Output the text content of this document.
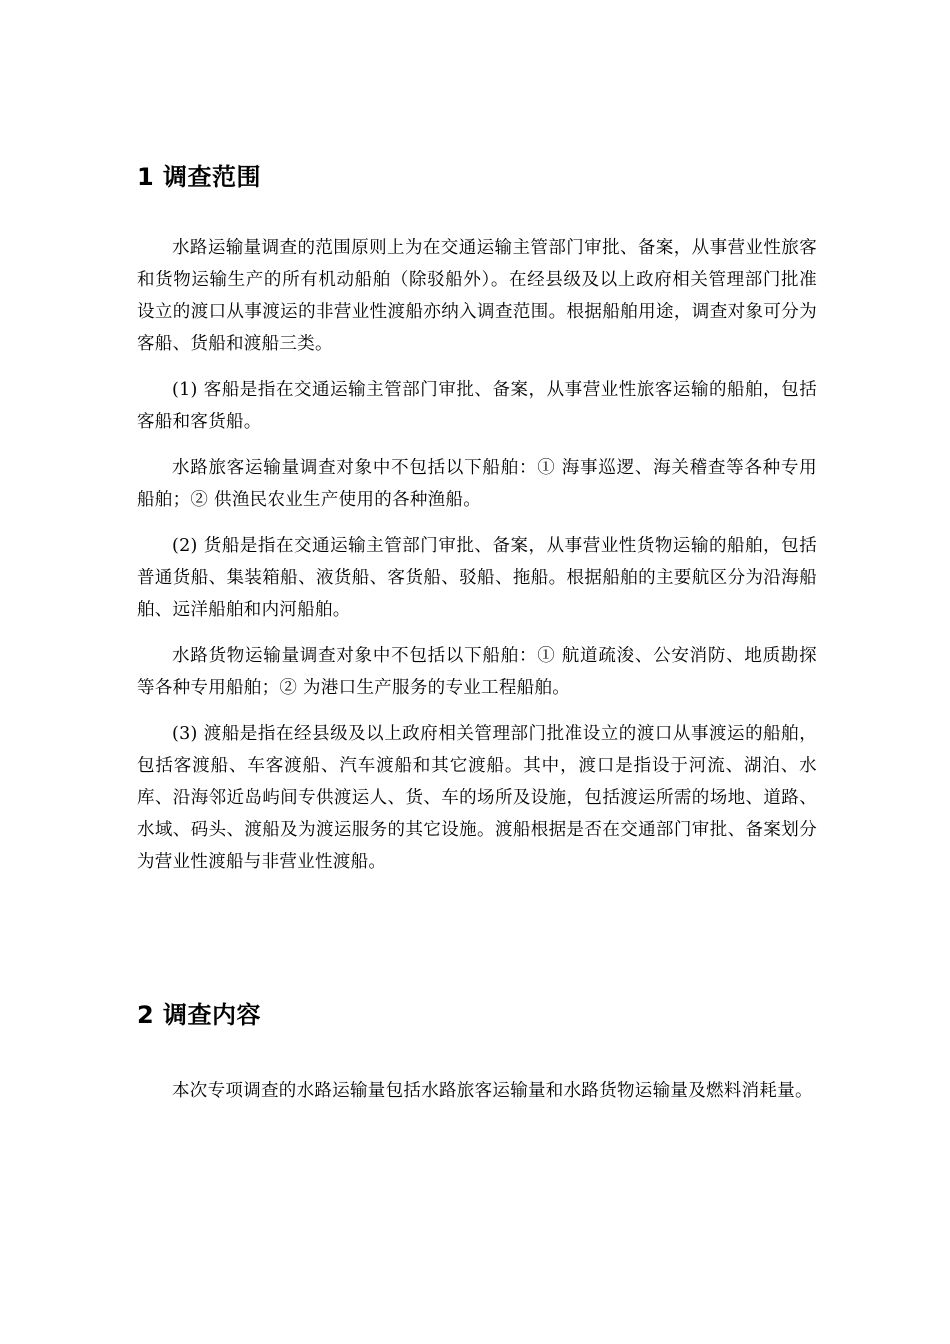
1 调查范围

水路运输量调查的范围原则上为在交通运输主管部门审批、备案，从事营业性旅客和货物运输生产的所有机动船舶（除驳船外）。在经县级及以上政府相关管理部门批准设立的渡口从事渡运的非营业性渡船亦纳入调查范围。根据船舶用途，调查对象可分为客船、货船和渡船三类。

(1) 客船是指在交通运输主管部门审批、备案，从事营业性旅客运输的船舶，包括客船和客货船。

水路旅客运输量调查对象中不包括以下船舶：① 海事巡逻、海关稽查等各种专用船舶；② 供渔民农业生产使用的各种渔船。

(2) 货船是指在交通运输主管部门审批、备案，从事营业性货物运输的船舶，包括普通货船、集装箱船、液货船、客货船、驳船、拖船。根据船舶的主要航区分为沿海船舶、远洋船舶和内河船舶。

水路货物运输量调查对象中不包括以下船舶：① 航道疏浚、公安消防、地质勘探等各种专用船舶；② 为港口生产服务的专业工程船舶。

(3) 渡船是指在经县级及以上政府相关管理部门批准设立的渡口从事渡运的船舶，包括客渡船、车客渡船、汽车渡船和其它渡船。其中，渡口是指设于河流、湖泊、水库、沿海邻近岛屿间专供渡运人、货、车的场所及设施，包括渡运所需的场地、道路、水域、码头、渡船及为渡运服务的其它设施。渡船根据是否在交通部门审批、备案划分为营业性渡船与非营业性渡船。

2 调查内容

本次专项调查的水路运输量包括水路旅客运输量和水路货物运输量及燃料消耗量。
